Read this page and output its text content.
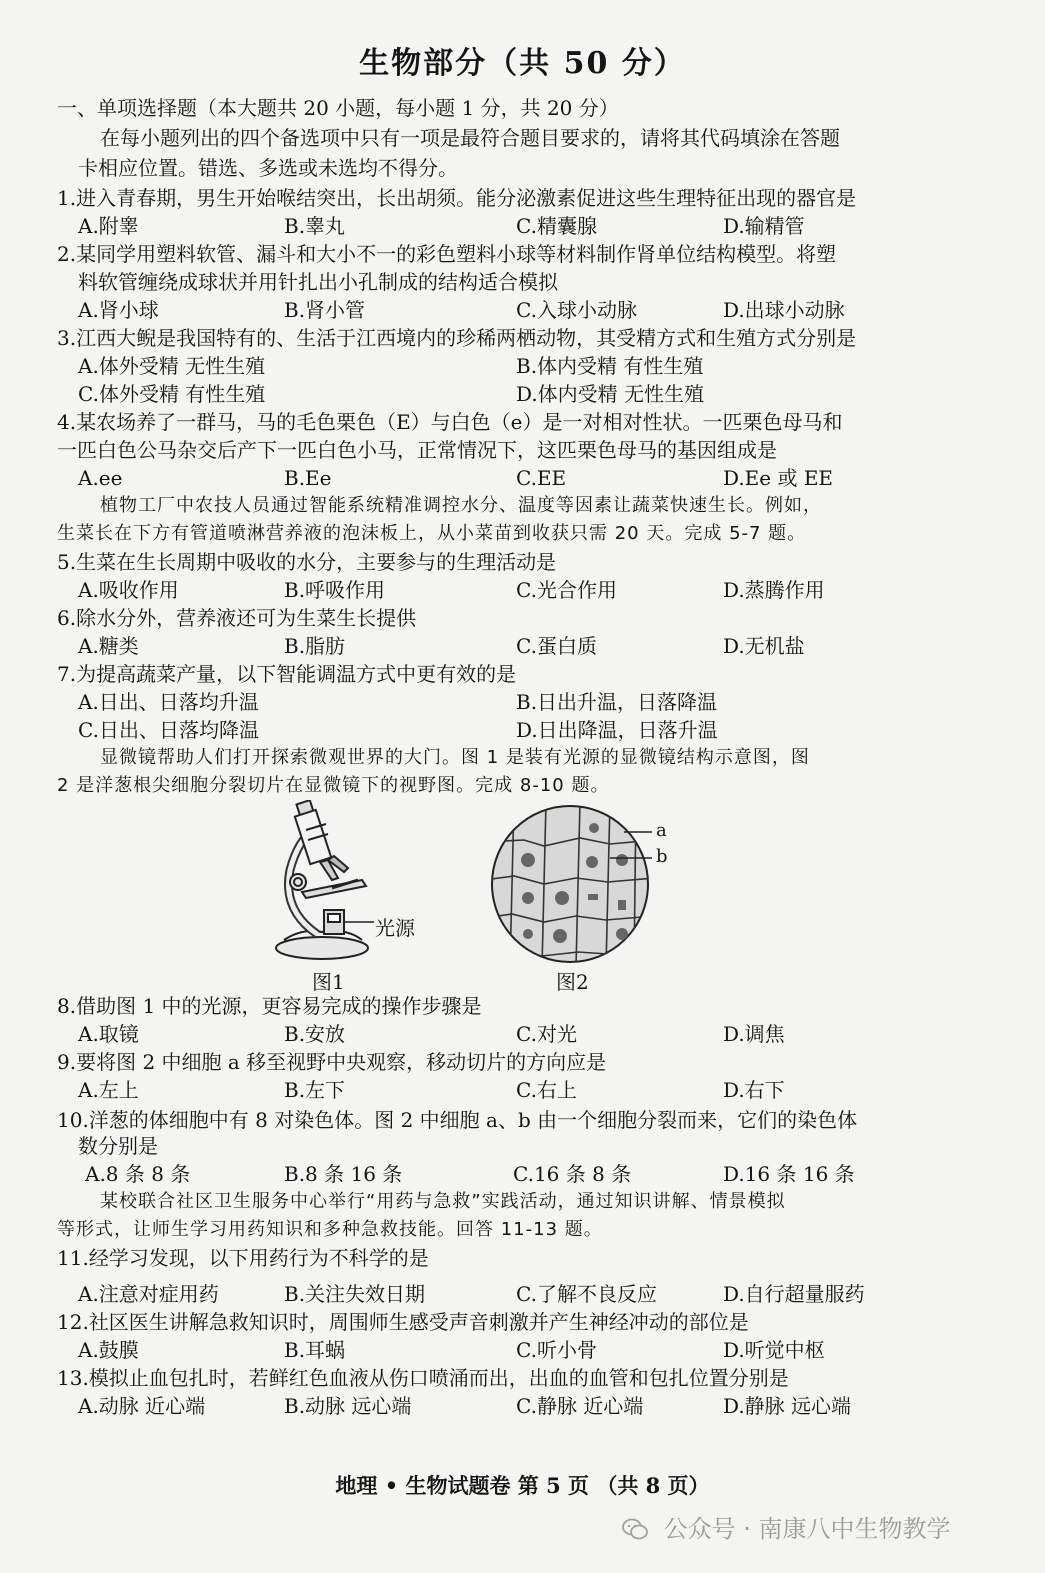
生物部分（共 50 分）
一、单项选择题（本大题共 20 小题，每小题 1 分，共 20 分）
在每小题列出的四个备选项中只有一项是最符合题目要求的，请将其代码填涂在答题
卡相应位置。错选、多选或未选均不得分。
1.进入青春期，男生开始喉结突出，长出胡须。能分泌激素促进这些生理特征出现的器官是
A.附睾	B.睾丸	C.精囊腺	D.输精管
2.某同学用塑料软管、漏斗和大小不一的彩色塑料小球等材料制作肾单位结构模型。将塑
料软管缠绕成球状并用针扎出小孔制成的结构适合模拟
A.肾小球	B.肾小管	C.入球小动脉	D.出球小动脉
3.江西大鲵是我国特有的、生活于江西境内的珍稀两栖动物，其受精方式和生殖方式分别是
A.体外受精 无性生殖	B.体内受精 有性生殖
C.体外受精 有性生殖	D.体内受精 无性生殖
4.某农场养了一群马，马的毛色栗色（E）与白色（e）是一对相对性状。一匹栗色母马和
一匹白色公马杂交后产下一匹白色小马，正常情况下，这匹栗色母马的基因组成是
A.ee	B.Ee	C.EE	D.Ee 或 EE
植物工厂中农技人员通过智能系统精准调控水分、温度等因素让蔬菜快速生长。例如，
生菜长在下方有管道喷淋营养液的泡沫板上，从小菜苗到收获只需 20 天。完成 5-7 题。
5.生菜在生长周期中吸收的水分，主要参与的生理活动是
A.吸收作用	B.呼吸作用	C.光合作用	D.蒸腾作用
6.除水分外，营养液还可为生菜生长提供
A.糖类	B.脂肪	C.蛋白质	D.无机盐
7.为提高蔬菜产量，以下智能调温方式中更有效的是
A.日出、日落均升温	B.日出升温，日落降温
C.日出、日落均降温	D.日出降温，日落升温
显微镜帮助人们打开探索微观世界的大门。图 1 是装有光源的显微镜结构示意图，图
2 是洋葱根尖细胞分裂切片在显微镜下的视野图。完成 8-10 题。
光源
图1
a
b
图2
8.借助图 1 中的光源，更容易完成的操作步骤是
A.取镜	B.安放	C.对光	D.调焦
9.要将图 2 中细胞 a 移至视野中央观察，移动切片的方向应是
A.左上	B.左下	C.右上	D.右下
10.洋葱的体细胞中有 8 对染色体。图 2 中细胞 a、b 由一个细胞分裂而来，它们的染色体
数分别是
A.8 条 8 条	B.8 条 16 条	C.16 条 8 条	D.16 条 16 条
某校联合社区卫生服务中心举行“用药与急救”实践活动，通过知识讲解、情景模拟
等形式，让师生学习用药知识和多种急救技能。回答 11-13 题。
11.经学习发现，以下用药行为不科学的是
A.注意对症用药	B.关注失效日期	C.了解不良反应	D.自行超量服药
12.社区医生讲解急救知识时，周围师生感受声音刺激并产生神经冲动的部位是
A.鼓膜	B.耳蜗	C.听小骨	D.听觉中枢
13.模拟止血包扎时，若鲜红色血液从伤口喷涌而出，出血的血管和包扎位置分别是
A.动脉 近心端	B.动脉 远心端	C.静脉 近心端	D.静脉 远心端
地理 • 生物试题卷 第 5 页 （共 8 页）
公众号 · 南康八中生物教学
